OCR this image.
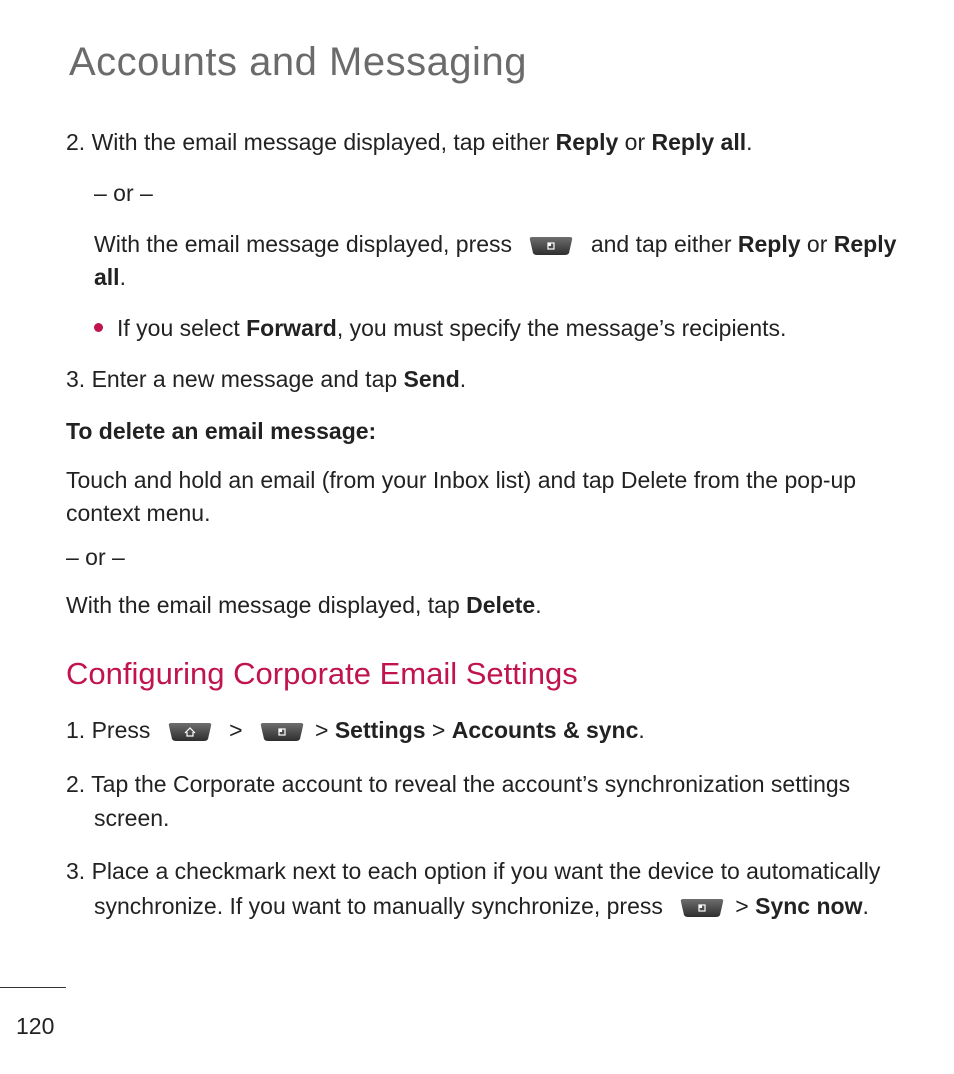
Accounts and Messaging
2. With the email message displayed, tap either Reply or Reply all.
– or –
With the email message displayed, press	and tap either Reply or Reply
all.
If you select Forward, you must specify the message’s recipients.
3. Enter a new message and tap Send.
To delete an email message:
Touch and hold an email (from your Inbox list) and tap Delete from the pop-up
context menu.
– or –
With the email message displayed, tap Delete.
Configuring Corporate Email Settings
1. Press	>	> Settings > Accounts & sync.
2. Tap the Corporate account to reveal the account’s synchronization settings
screen.
3. Place a checkmark next to each option if you want the device to automatically
synchronize. If you want to manually synchronize, press	> Sync now.
120
